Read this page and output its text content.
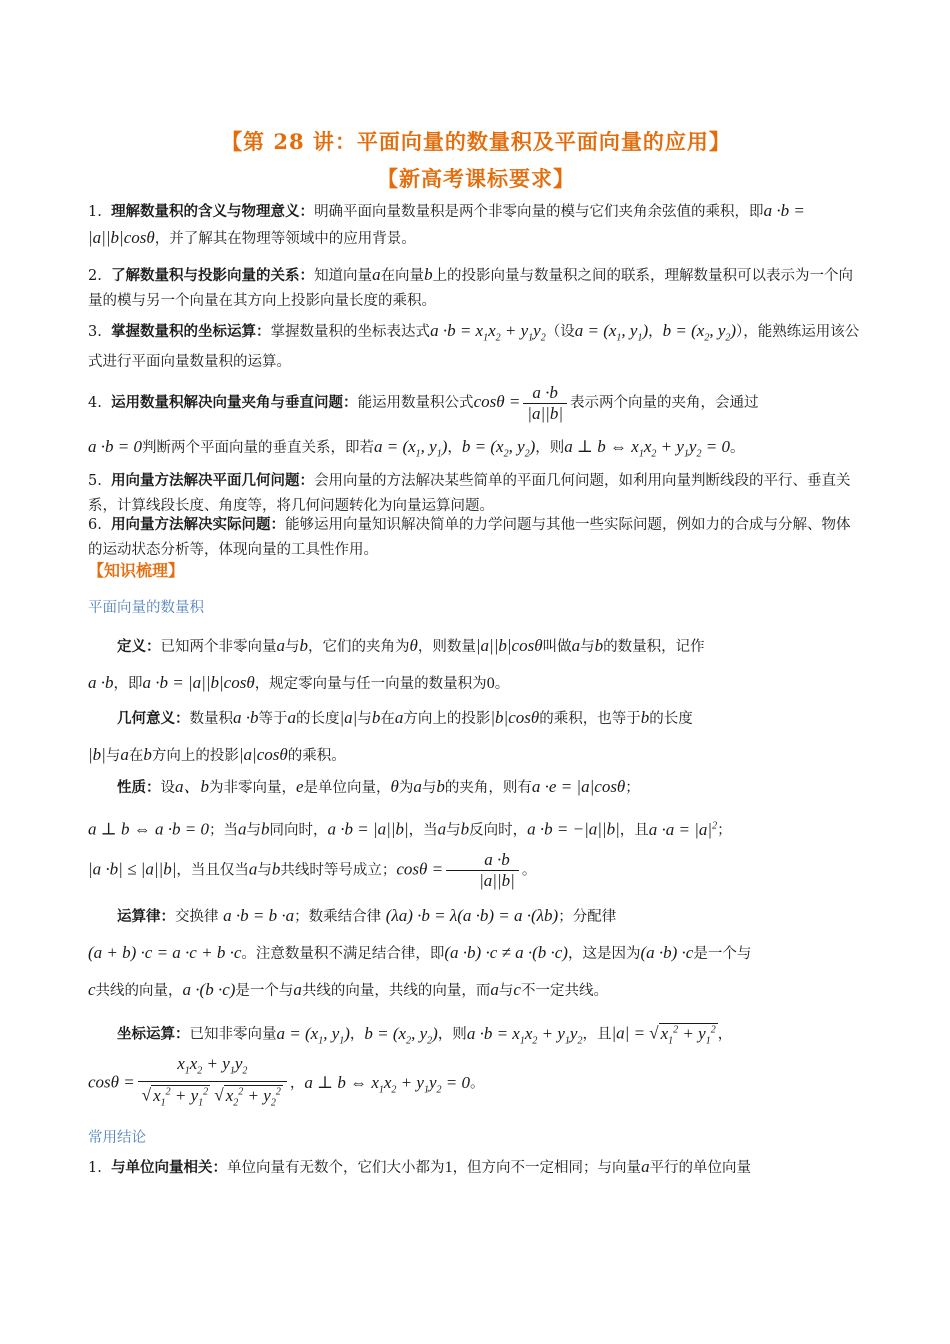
【第 28 讲：平面向量的数量积及平面向量的应用】
【新高考课标要求】
1. 理解数量积的含义与物理意义：明确平面向量数量积是两个非零向量的模与它们夹角余弦值的乘积，即a ·b = |a||b|cosθ，并了解其在物理等领域中的应用背景。
2. 了解数量积与投影向量的关系：知道向量a在向量b上的投影向量与数量积之间的联系，理解数量积可以表示为一个向量的模与另一个向量在其方向上投影向量长度的乘积。
3. 掌握数量积的坐标运算：掌握数量积的坐标表达式$a \cdot b = x_1x_2 + y_1y_2$（设$a = (x_1$, $y_1$)，$b = (x_2$, $y_2$)），能熟练运用该公式进行平面向量数量积的运算。
4. 运用数量积解决向量夹角与垂直问题：能运用数量积公式$\cos\theta = \frac{a \cdot b}{|a||b|}$ 表示两个向量的夹角，会通过
a ·b = 0判断两个平面向量的垂直关系，即若$a = (x_1$, $y_1$)，$b = (x_2$, $y_2$)，则a ⊥ b ⇔ $x_1x_2 + y_1y_2 = 0$。
5. 用向量方法解决平面几何问题：会用向量的方法解决某些简单的平面几何问题，如利用向量判断线段的平行、垂直关系，计算线段长度、角度等，将几何问题转化为向量运算问题。
6. 用向量方法解决实际问题：能够运用向量知识解决简单的力学问题与其他一些实际问题，例如力的合成与分解、物体的运动状态分析等，体现向量的工具性作用。
【知识梳理】
平面向量的数量积
定义：已知两个非零向量a与b，它们的夹角为θ，则数量|a||b|cosθ叫做a与b的数量积，记作
a ·b，即a ·b = |a||b|cosθ，规定零向量与任一向量的数量积为0。
几何意义：数量积a ·b等于a的长度|a|与b在a方向上的投影|b|cosθ的乘积，也等于b的长度
|b|与a在b方向上的投影|a|cosθ的乘积。
性质：设a、b为非零向量，e是单位向量，θ为a与b的夹角，则有a ·e = |a|cosθ；
a ⊥ b ⇔ a ·b = 0；当a与b同向时，a ·b = |a||b|，当a与b反向时，a ·b = −|a||b|，且$a \cdot a = |a|^2$；
|a ·b| ≤ |a||b|，当且仅当a与b共线时等号成立；$\cos\theta = \frac{a \cdot b}{|a||b|}$ 。
运算律：交换律 a ·b = b ·a；数乘结合律 (λa) ·b = λ(a ·b) = a ·(λb)；分配律
(a + b) ·c = a ·c + b ·c。注意数量积不满足结合律，即(a ·b) ·c ≠ a ·(b ·c)，这是因为(a ·b) ·c是一个与
c共线的向量，a ·(b ·c)是一个与a共线的向量，共线的向量，而a与c不一定共线。
坐标运算：已知非零向量$a = (x_1$, $y_1$)，$b = (x_2$, $y_2$)，则$a \cdot b = x_1x_2 + y_1y_2$，且|a| = √ $x_1^2 + y_1^2$ ，
$\cos\theta = \frac{x_1x_2 + y_1y_2}{√ x_1^2 + y_1^2 √ x_2^2 + y_2^2}$ ，a ⊥ b ⇔ $x_1x_2 + y_1y_2 = 0$。
常用结论
1. 与单位向量相关：单位向量有无数个，它们大小都为1，但方向不一定相同；与向量a平行的单位向量
